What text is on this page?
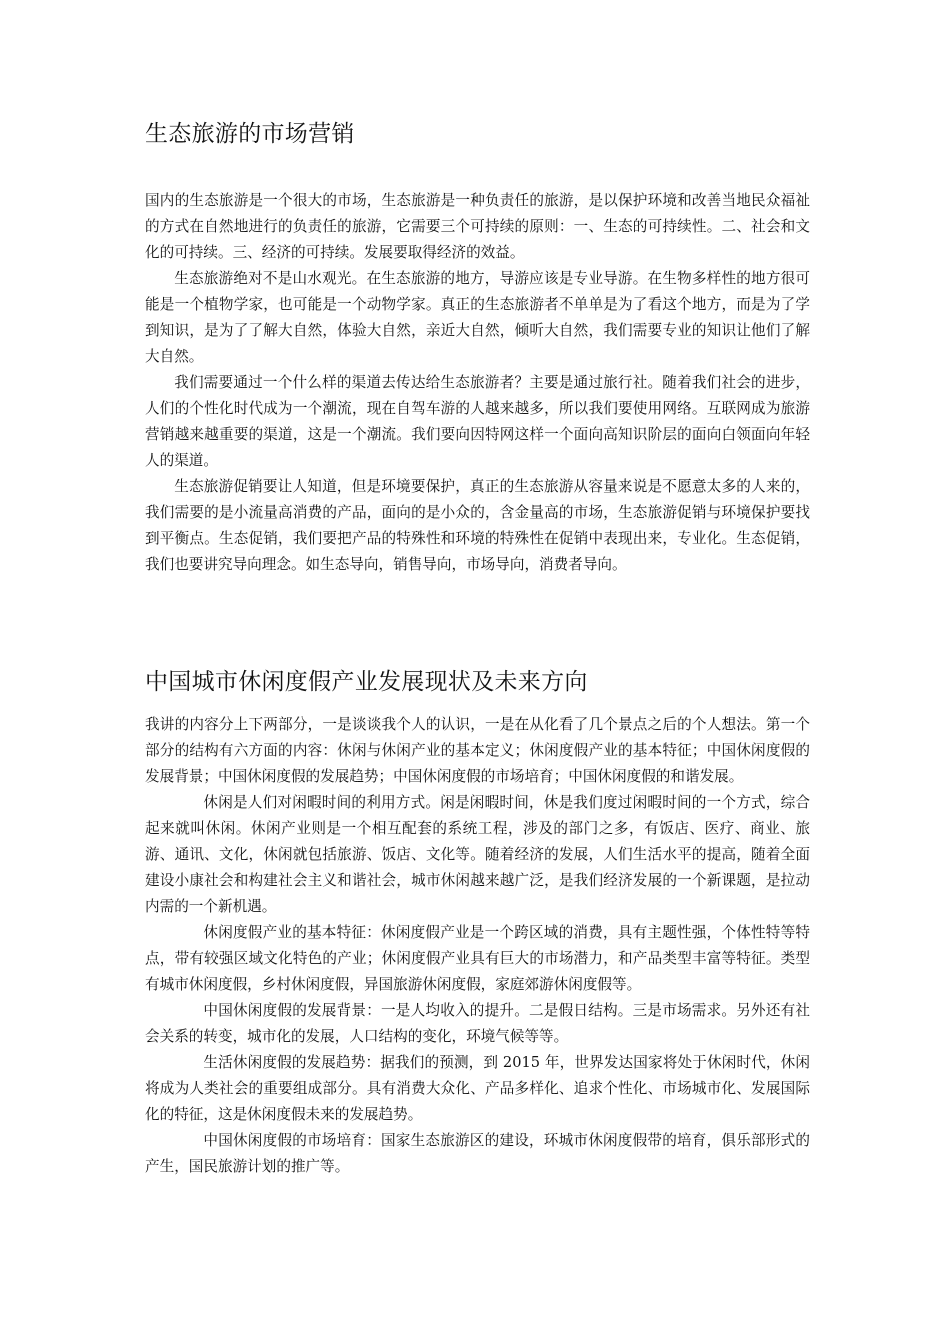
生态旅游的市场营销

国内的生态旅游是一个很大的市场，生态旅游是一种负责任的旅游，是以保护环境和改善当地民众福祉的方式在自然地进行的负责任的旅游，它需要三个可持续的原则：一、生态的可持续性。二、社会和文化的可持续。三、经济的可持续。发展要取得经济的效益。

生态旅游绝对不是山水观光。在生态旅游的地方，导游应该是专业导游。在生物多样性的地方很可能是一个植物学家，也可能是一个动物学家。真正的生态旅游者不单单是为了看这个地方，而是为了学到知识，是为了了解大自然，体验大自然，亲近大自然，倾听大自然，我们需要专业的知识让他们了解大自然。

我们需要通过一个什么样的渠道去传达给生态旅游者？主要是通过旅行社。随着我们社会的进步，人们的个性化时代成为一个潮流，现在自驾车游的人越来越多，所以我们要使用网络。互联网成为旅游营销越来越重要的渠道，这是一个潮流。我们要向因特网这样一个面向高知识阶层的面向白领面向年轻人的渠道。

生态旅游促销要让人知道，但是环境要保护，真正的生态旅游从容量来说是不愿意太多的人来的，我们需要的是小流量高消费的产品，面向的是小众的，含金量高的市场，生态旅游促销与环境保护要找到平衡点。生态促销，我们要把产品的特殊性和环境的特殊性在促销中表现出来，专业化。生态促销，我们也要讲究导向理念。如生态导向，销售导向，市场导向，消费者导向。

中国城市休闲度假产业发展现状及未来方向

我讲的内容分上下两部分，一是谈谈我个人的认识，一是在从化看了几个景点之后的个人想法。第一个部分的结构有六方面的内容：休闲与休闲产业的基本定义；休闲度假产业的基本特征；中国休闲度假的发展背景；中国休闲度假的发展趋势；中国休闲度假的市场培育；中国休闲度假的和谐发展。

休闲是人们对闲暇时间的利用方式。闲是闲暇时间，休是我们度过闲暇时间的一个方式，综合起来就叫休闲。休闲产业则是一个相互配套的系统工程，涉及的部门之多，有饭店、医疗、商业、旅游、通讯、文化，休闲就包括旅游、饭店、文化等。随着经济的发展，人们生活水平的提高，随着全面建设小康社会和构建社会主义和谐社会，城市休闲越来越广泛，是我们经济发展的一个新课题，是拉动内需的一个新机遇。

休闲度假产业的基本特征：休闲度假产业是一个跨区域的消费，具有主题性强，个体性特等特点，带有较强区域文化特色的产业；休闲度假产业具有巨大的市场潜力，和产品类型丰富等特征。类型有城市休闲度假，乡村休闲度假，异国旅游休闲度假，家庭郊游休闲度假等。

中国休闲度假的发展背景：一是人均收入的提升。二是假日结构。三是市场需求。另外还有社会关系的转变，城市化的发展，人口结构的变化，环境气候等等。

生活休闲度假的发展趋势：据我们的预测，到 2015 年，世界发达国家将处于休闲时代，休闲将成为人类社会的重要组成部分。具有消费大众化、产品多样化、追求个性化、市场城市化、发展国际化的特征，这是休闲度假未来的发展趋势。

中国休闲度假的市场培育：国家生态旅游区的建设，环城市休闲度假带的培育，俱乐部形式的产生，国民旅游计划的推广等。
